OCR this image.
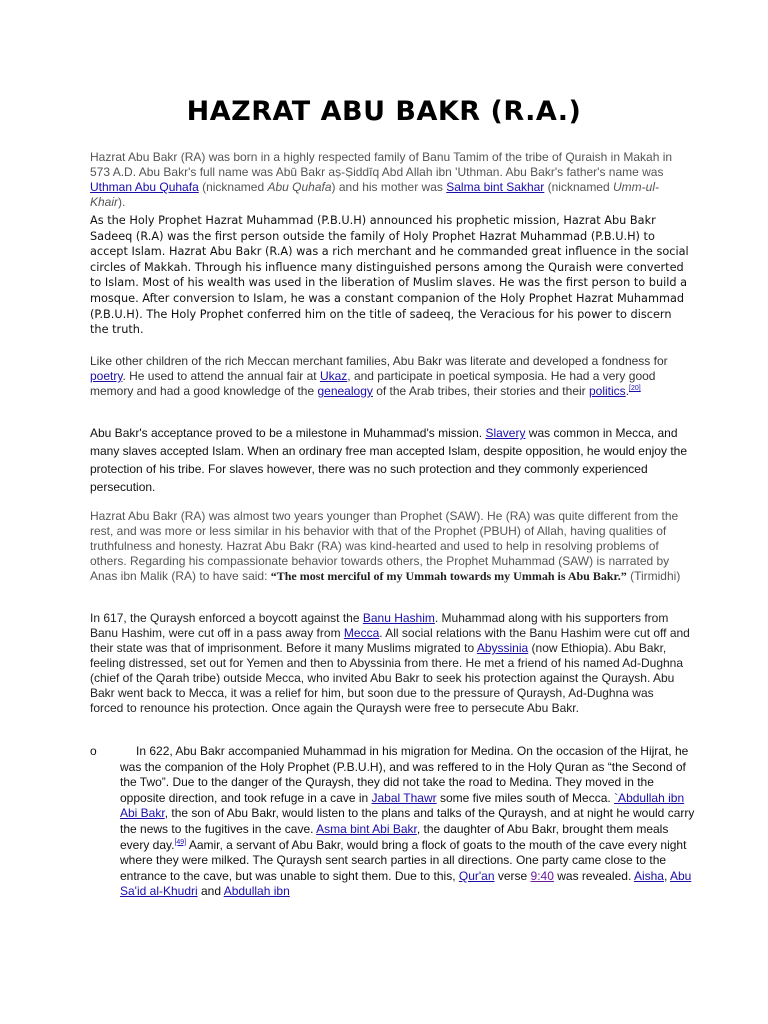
HAZRAT ABU BAKR (R.A.)

Hazrat Abu Bakr (RA) was born in a highly respected family of Banu Tamim of the tribe of Quraish in Makah in 573 A.D. Abu Bakr's full name was Abū Bakr aṣ-Ṣiddīq Abd Allah ibn 'Uthman. Abu Bakr's father's name was Uthman Abu Quhafa (nicknamed Abu Quhafa) and his mother was Salma bint Sakhar (nicknamed Umm-ul-Khair).

As the Holy Prophet Hazrat Muhammad (P.B.U.H) announced his prophetic mission, Hazrat Abu Bakr Sadeeq (R.A) was the first person outside the family of Holy Prophet Hazrat Muhammad (P.B.U.H) to accept Islam. Hazrat Abu Bakr (R.A) was a rich merchant and he commanded great influence in the social circles of Makkah. Through his influence many distinguished persons among the Quraish were converted to Islam. Most of his wealth was used in the liberation of Muslim slaves. He was the first person to build a mosque. After conversion to Islam, he was a constant companion of the Holy Prophet Hazrat Muhammad (P.B.U.H). The Holy Prophet conferred him on the title of sadeeq, the Veracious for his power to discern the truth.

Like other children of the rich Meccan merchant families, Abu Bakr was literate and developed a fondness for poetry. He used to attend the annual fair at Ukaz, and participate in poetical symposia. He had a very good memory and had a good knowledge of the genealogy of the Arab tribes, their stories and their politics.[20]

Abu Bakr's acceptance proved to be a milestone in Muhammad's mission. Slavery was common in Mecca, and many slaves accepted Islam. When an ordinary free man accepted Islam, despite opposition, he would enjoy the protection of his tribe. For slaves however, there was no such protection and they commonly experienced persecution.

Hazrat Abu Bakr (RA) was almost two years younger than Prophet (SAW). He (RA) was quite different from the rest, and was more or less similar in his behavior with that of the Prophet (PBUH) of Allah, having qualities of truthfulness and honesty. Hazrat Abu Bakr (RA) was kind-hearted and used to help in resolving problems of others. Regarding his compassionate behavior towards others, the Prophet Muhammad (SAW) is narrated by Anas ibn Malik (RA) to have said: “The most merciful of my Ummah towards my Ummah is Abu Bakr.” (Tirmidhi)

In 617, the Quraysh enforced a boycott against the Banu Hashim. Muhammad along with his supporters from Banu Hashim, were cut off in a pass away from Mecca. All social relations with the Banu Hashim were cut off and their state was that of imprisonment. Before it many Muslims migrated to Abyssinia (now Ethiopia). Abu Bakr, feeling distressed, set out for Yemen and then to Abyssinia from there. He met a friend of his named Ad-Dughna (chief of the Qarah tribe) outside Mecca, who invited Abu Bakr to seek his protection against the Quraysh. Abu Bakr went back to Mecca, it was a relief for him, but soon due to the pressure of Quraysh, Ad-Dughna was forced to renounce his protection. Once again the Quraysh were free to persecute Abu Bakr.

o	In 622, Abu Bakr accompanied Muhammad in his migration for Medina. On the occasion of the Hijrat, he was the companion of the Holy Prophet (P.B.U.H), and was reffered to in the Holy Quran as “the Second of the Two”. Due to the danger of the Quraysh, they did not take the road to Medina. They moved in the opposite direction, and took refuge in a cave in Jabal Thawr some five miles south of Mecca. `Abdullah ibn Abi Bakr, the son of Abu Bakr, would listen to the plans and talks of the Quraysh, and at night he would carry the news to the fugitives in the cave. Asma bint Abi Bakr, the daughter of Abu Bakr, brought them meals every day.[49] Aamir, a servant of Abu Bakr, would bring a flock of goats to the mouth of the cave every night where they were milked. The Quraysh sent search parties in all directions. One party came close to the entrance to the cave, but was unable to sight them. Due to this, Qur'an verse 9:40 was revealed. Aisha, Abu Sa'id al-Khudri and Abdullah ibn
